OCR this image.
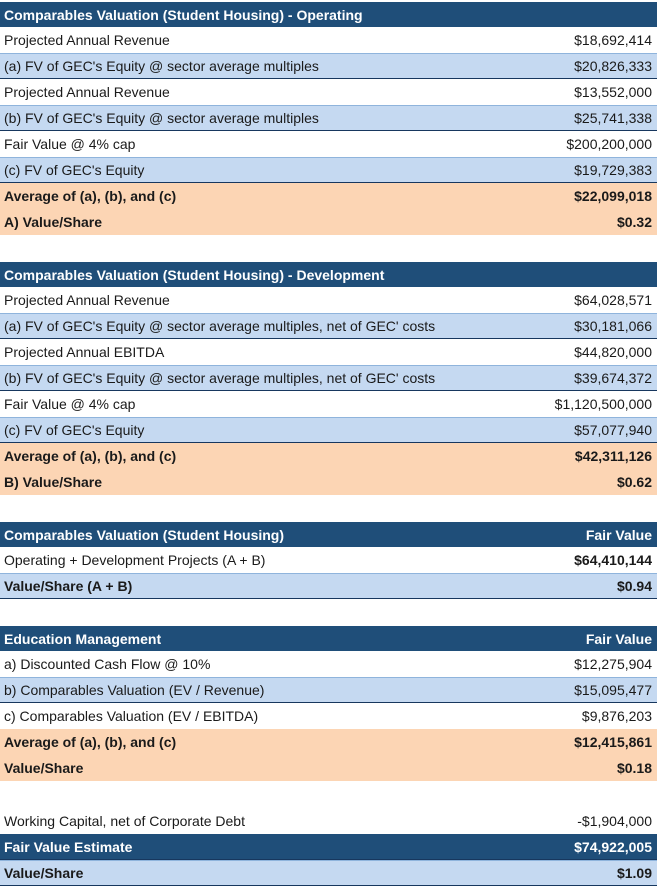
Comparables Valuation (Student Housing) - Operating
Projected Annual Revenue	$18,692,414
(a) FV of GEC's Equity @ sector average multiples	$20,826,333
Projected Annual Revenue	$13,552,000
(b) FV of GEC's Equity @ sector average multiples	$25,741,338
Fair Value @ 4% cap	$200,200,000
(c) FV of GEC's Equity	$19,729,383
Average of (a), (b), and (c)	$22,099,018
A) Value/Share	$0.32
Comparables Valuation (Student Housing) - Development
Projected Annual Revenue	$64,028,571
(a) FV of GEC's Equity @ sector average multiples, net of GEC' costs	$30,181,066
Projected Annual EBITDA	$44,820,000
(b) FV of GEC's Equity @ sector average multiples, net of GEC' costs	$39,674,372
Fair Value @ 4% cap	$1,120,500,000
(c) FV of GEC's Equity	$57,077,940
Average of (a), (b), and (c)	$42,311,126
B) Value/Share	$0.62
Comparables Valuation (Student Housing)	Fair Value
Operating + Development Projects (A + B)	$64,410,144
Value/Share (A + B)	$0.94
Education Management	Fair Value
a) Discounted Cash Flow @ 10%	$12,275,904
b) Comparables Valuation (EV / Revenue)	$15,095,477
c) Comparables Valuation (EV / EBITDA)	$9,876,203
Average of (a), (b), and (c)	$12,415,861
Value/Share	$0.18
Working Capital, net of Corporate Debt	-$1,904,000
Fair Value Estimate	$74,922,005
Value/Share	$1.09
